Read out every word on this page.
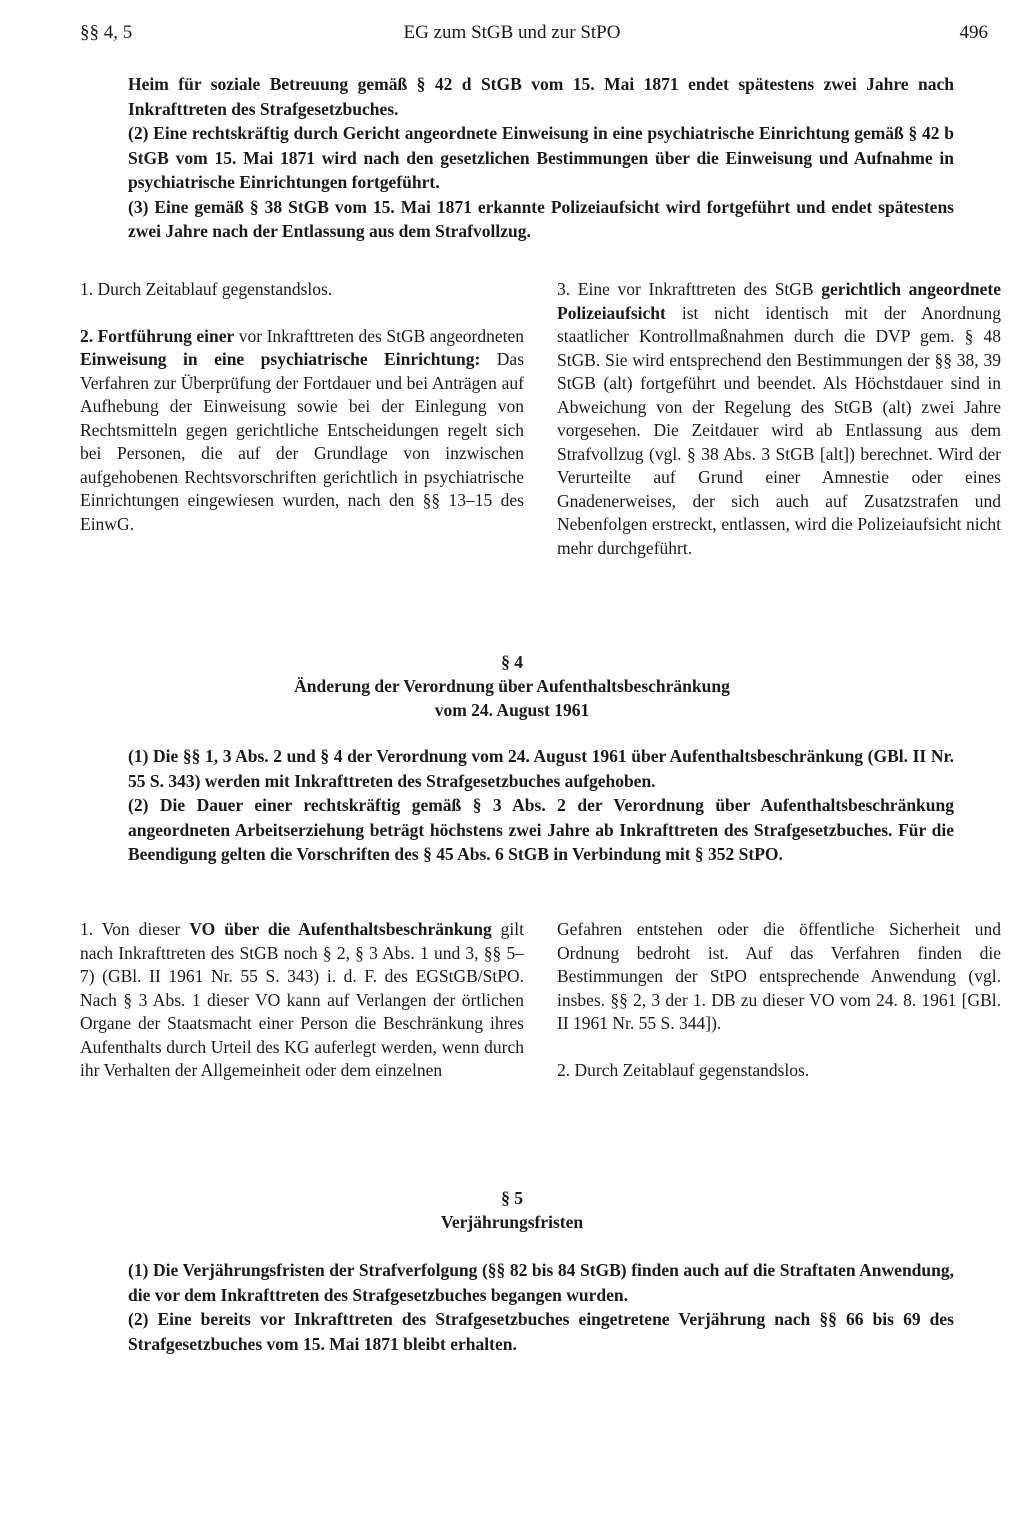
§§ 4, 5	EG zum StGB und zur StPO	496

Heim für soziale Betreuung gemäß § 42 d StGB vom 15. Mai 1871 endet spätestens zwei Jahre nach Inkrafttreten des Strafgesetzbuches.

(2) Eine rechtskräftig durch Gericht angeordnete Einweisung in eine psychiatrische Einrichtung gemäß § 42 b StGB vom 15. Mai 1871 wird nach den gesetzlichen Bestimmungen über die Einweisung und Aufnahme in psychiatrische Einrichtungen fortgeführt.

(3) Eine gemäß § 38 StGB vom 15. Mai 1871 erkannte Polizeiaufsicht wird fortgeführt und endet spätestens zwei Jahre nach der Entlassung aus dem Strafvollzug.

1. Durch Zeitablauf gegenstandslos.

2. Fortführung einer vor Inkrafttreten des StGB angeordneten Einweisung in eine psychiatrische Einrichtung: Das Verfahren zur Überprüfung der Fortdauer und bei Anträgen auf Aufhebung der Einweisung sowie bei der Einlegung von Rechtsmitteln gegen gerichtliche Entscheidungen regelt sich bei Personen, die auf der Grundlage von inzwischen aufgehobenen Rechtsvorschriften gerichtlich in psychiatrische Einrichtungen eingewiesen wurden, nach den §§ 13–15 des EinwG.

3. Eine vor Inkrafttreten des StGB gerichtlich angeordnete Polizeiaufsicht ist nicht identisch mit der Anordnung staatlicher Kontrollmaßnahmen durch die DVP gem. § 48 StGB. Sie wird entsprechend den Bestimmungen der §§ 38, 39 StGB (alt) fortgeführt und beendet. Als Höchstdauer sind in Abweichung von der Regelung des StGB (alt) zwei Jahre vorgesehen. Die Zeitdauer wird ab Entlassung aus dem Strafvollzug (vgl. § 38 Abs. 3 StGB [alt]) berechnet. Wird der Verurteilte auf Grund einer Amnestie oder eines Gnadenerweises, der sich auch auf Zusatzstrafen und Nebenfolgen erstreckt, entlassen, wird die Polizeiaufsicht nicht mehr durchgeführt.

§ 4
Änderung der Verordnung über Aufenthaltsbeschränkung
vom 24. August 1961

(1) Die §§ 1, 3 Abs. 2 und § 4 der Verordnung vom 24. August 1961 über Aufenthaltsbeschränkung (GBl. II Nr. 55 S. 343) werden mit Inkrafttreten des Strafgesetzbuches aufgehoben.

(2) Die Dauer einer rechtskräftig gemäß § 3 Abs. 2 der Verordnung über Aufenthaltsbeschränkung angeordneten Arbeitserziehung beträgt höchstens zwei Jahre ab Inkrafttreten des Strafgesetzbuches. Für die Beendigung gelten die Vorschriften des § 45 Abs. 6 StGB in Verbindung mit § 352 StPO.

1. Von dieser VO über die Aufenthaltsbeschränkung gilt nach Inkrafttreten des StGB noch § 2, § 3 Abs. 1 und 3, §§ 5–7) (GBl. II 1961 Nr. 55 S. 343) i. d. F. des EGStGB/StPO. Nach § 3 Abs. 1 dieser VO kann auf Verlangen der örtlichen Organe der Staatsmacht einer Person die Beschränkung ihres Aufenthalts durch Urteil des KG auferlegt werden, wenn durch ihr Verhalten der Allgemeinheit oder dem einzelnen

Gefahren entstehen oder die öffentliche Sicherheit und Ordnung bedroht ist. Auf das Verfahren finden die Bestimmungen der StPO entsprechende Anwendung (vgl. insbes. §§ 2, 3 der 1. DB zu dieser VO vom 24. 8. 1961 [GBl. II 1961 Nr. 55 S. 344]).

2. Durch Zeitablauf gegenstandslos.

§ 5
Verjährungsfristen

(1) Die Verjährungsfristen der Strafverfolgung (§§ 82 bis 84 StGB) finden auch auf die Straftaten Anwendung, die vor dem Inkrafttreten des Strafgesetzbuches begangen wurden.

(2) Eine bereits vor Inkrafttreten des Strafgesetzbuches eingetretene Verjährung nach §§ 66 bis 69 des Strafgesetzbuches vom 15. Mai 1871 bleibt erhalten.
